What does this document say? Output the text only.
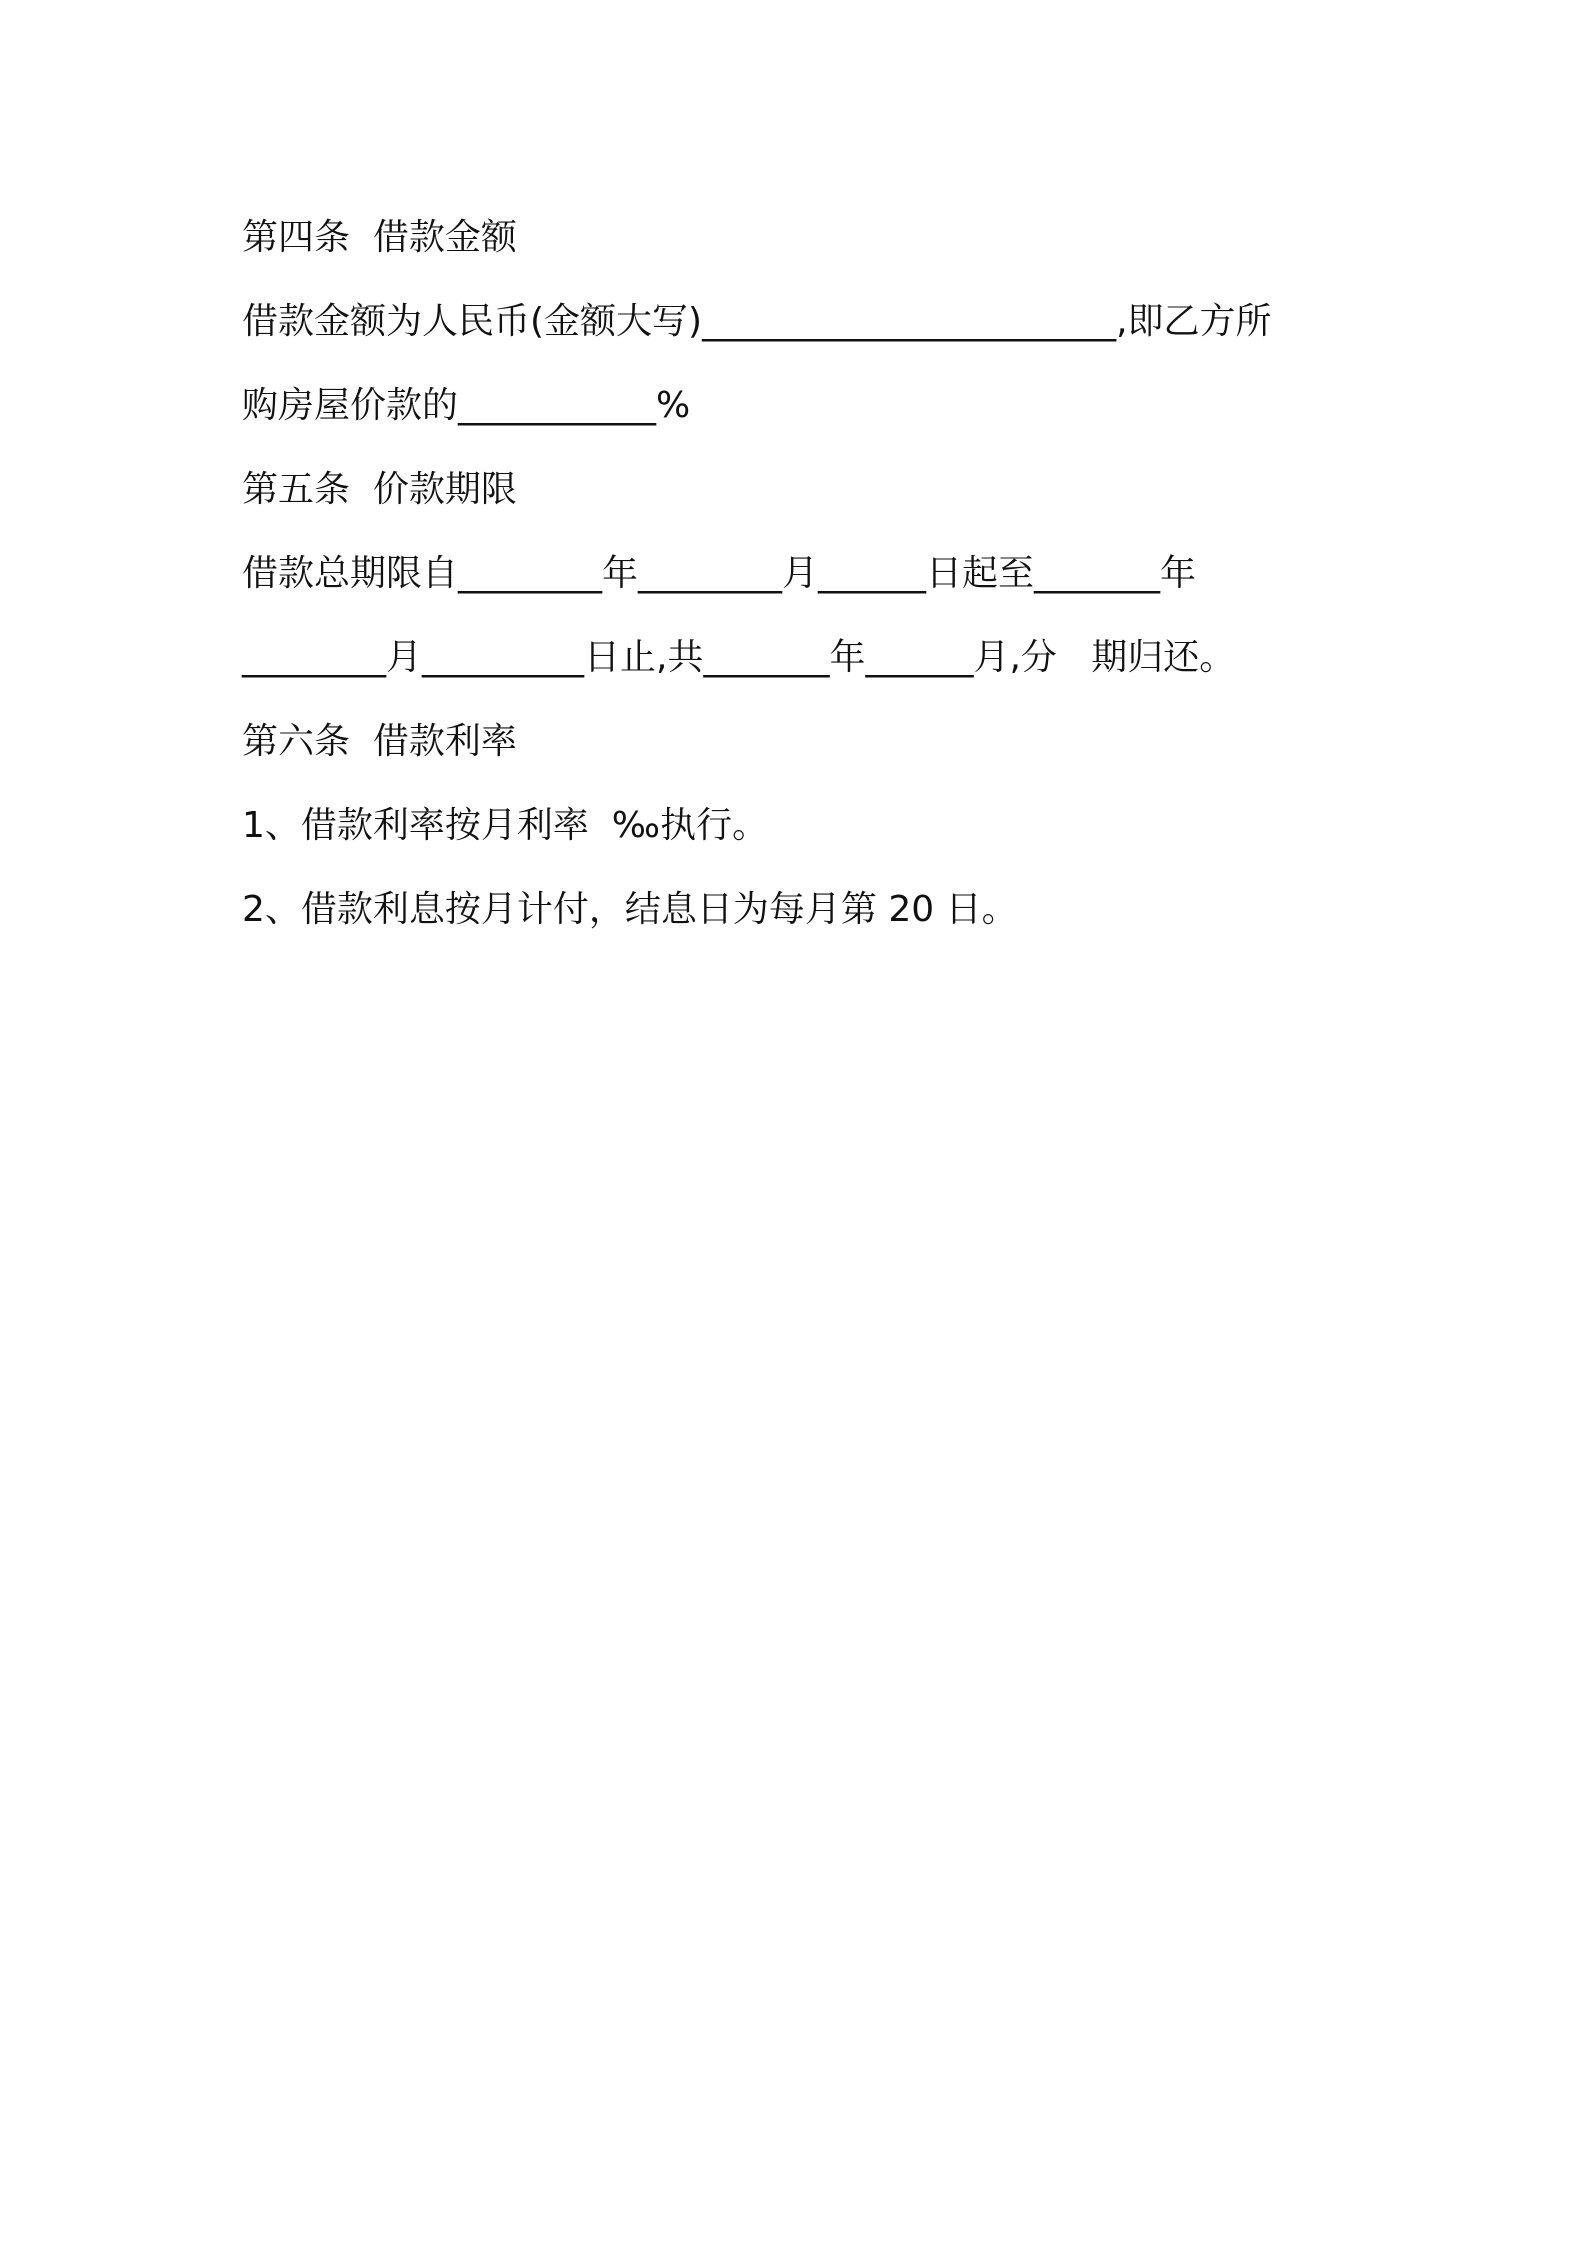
第四条  借款金额
借款金额为人民币(金额大写)_______________________,即乙方所
购房屋价款的___________%
第五条  价款期限
借款总期限自________年________月______日起至_______年
________月_________日止,共_______年______月,分   期归还。
第六条  借款利率
1、借款利率按月利率  ‰执行。
2、借款利息按月计付，结息日为每月第 20 日。
